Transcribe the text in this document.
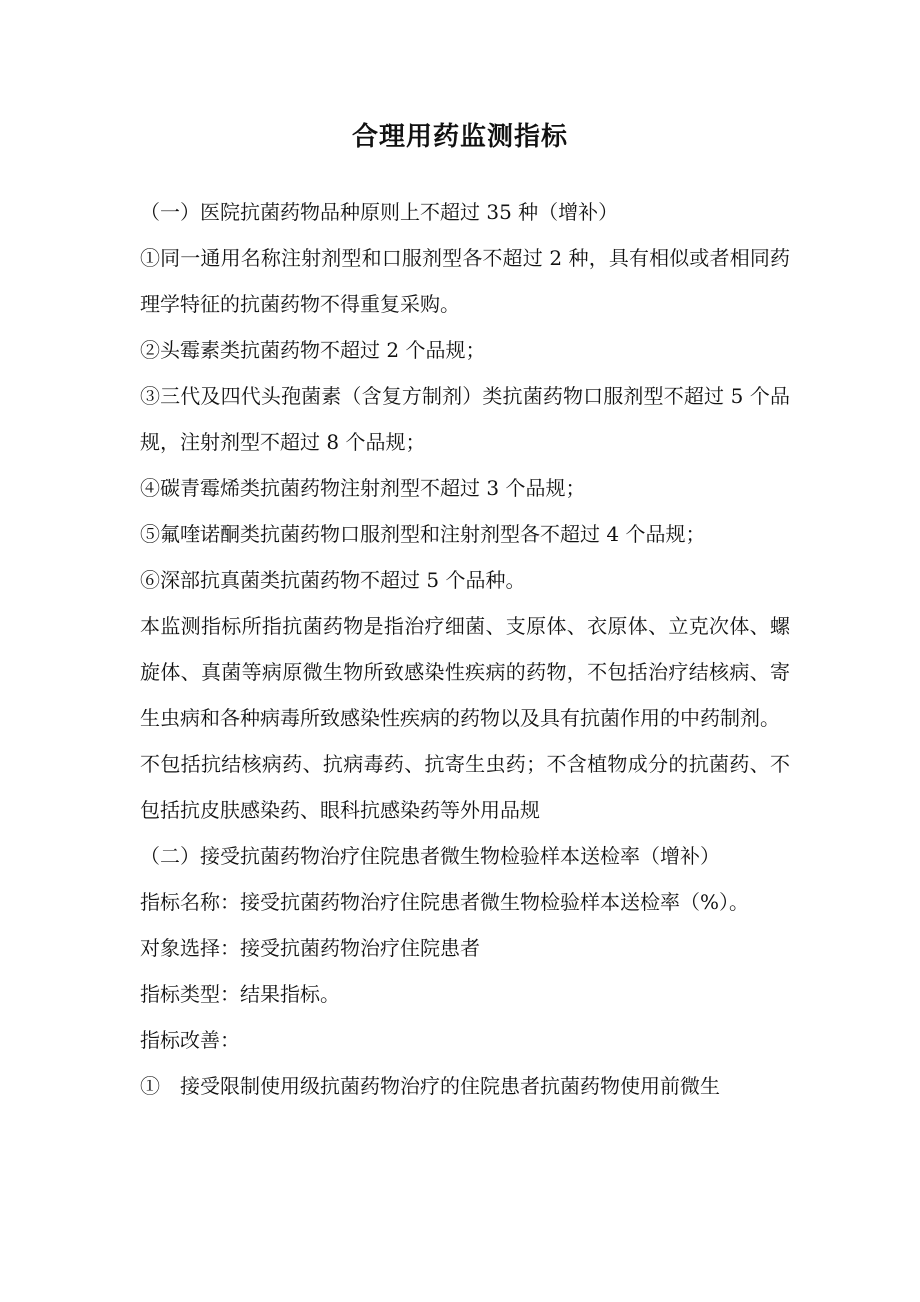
合理用药监测指标

（一）医院抗菌药物品种原则上不超过 35 种（增补）

①同一通用名称注射剂型和口服剂型各不超过 2 种，具有相似或者相同药理学特征的抗菌药物不得重复采购。

②头霉素类抗菌药物不超过 2 个品规；

③三代及四代头孢菌素（含复方制剂）类抗菌药物口服剂型不超过 5 个品规，注射剂型不超过 8 个品规；

④碳青霉烯类抗菌药物注射剂型不超过 3 个品规；

⑤氟喹诺酮类抗菌药物口服剂型和注射剂型各不超过 4 个品规；

⑥深部抗真菌类抗菌药物不超过 5 个品种。

本监测指标所指抗菌药物是指治疗细菌、支原体、衣原体、立克次体、螺旋体、真菌等病原微生物所致感染性疾病的药物，不包括治疗结核病、寄生虫病和各种病毒所致感染性疾病的药物以及具有抗菌作用的中药制剂。

不包括抗结核病药、抗病毒药、抗寄生虫药；不含植物成分的抗菌药、不包括抗皮肤感染药、眼科抗感染药等外用品规

（二）接受抗菌药物治疗住院患者微生物检验样本送检率（增补）

指标名称：接受抗菌药物治疗住院患者微生物检验样本送检率（%）。

对象选择：接受抗菌药物治疗住院患者

指标类型：结果指标。

指标改善：

①　接受限制使用级抗菌药物治疗的住院患者抗菌药物使用前微生
